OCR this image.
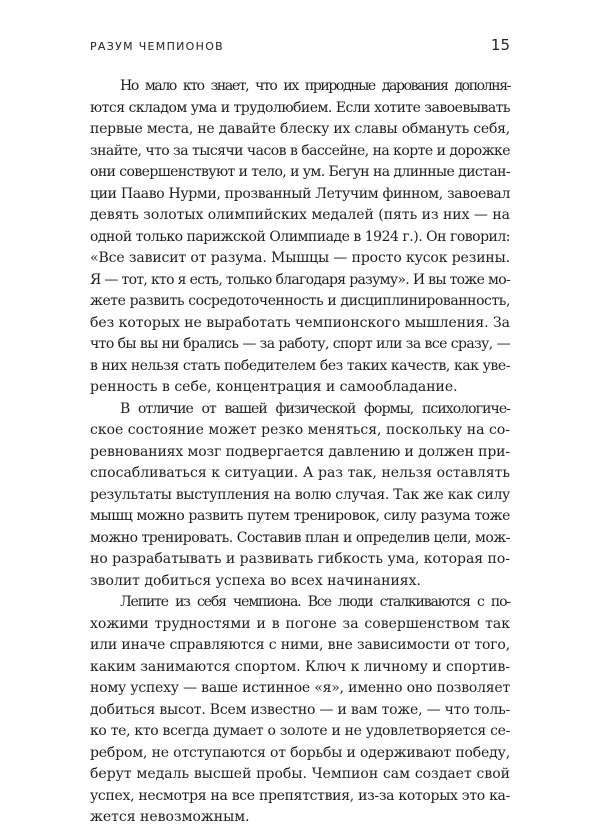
РАЗУМ ЧЕМПИОНОВ	15

Но мало кто знает, что их природные дарования дополня-
ются складом ума и трудолюбием. Если хотите завоевывать
первые места, не давайте блеску их славы обмануть себя,
знайте, что за тысячи часов в бассейне, на корте и дорожке
они совершенствуют и тело, и ум. Бегун на длинные дистан-
ции Пааво Нурми, прозванный Летучим финном, завоевал
девять золотых олимпийских медалей (пять из них — на
одной только парижской Олимпиаде в 1924 г.). Он говорил:
«Все зависит от разума. Мышцы — просто кусок резины.
Я — тот, кто я есть, только благодаря разуму». И вы тоже мо-
жете развить сосредоточенность и дисциплинированность,
без которых не выработать чемпионского мышления. За
что бы вы ни брались — за работу, спорт или за все сразу, —
в них нельзя стать победителем без таких качеств, как уве-
ренность в себе, концентрация и самообладание.

В отличие от вашей физической формы, психологиче-
ское состояние может резко меняться, поскольку на со-
ревнованиях мозг подвергается давлению и должен при-
спосабливаться к ситуации. А раз так, нельзя оставлять
результаты выступления на волю случая. Так же как силу
мышц можно развить путем тренировок, силу разума тоже
можно тренировать. Составив план и определив цели, мож-
но разрабатывать и развивать гибкость ума, которая по-
зволит добиться успеха во всех начинаниях.

Лепите из себя чемпиона. Все люди сталкиваются с по-
хожими трудностями и в погоне за совершенством так
или иначе справляются с ними, вне зависимости от того,
каким занимаются спортом. Ключ к личному и спортив-
ному успеху — ваше истинное «я», именно оно позволяет
добиться высот. Всем известно — и вам тоже, — что толь-
ко те, кто всегда думает о золоте и не удовлетворяется се-
ребром, не отступаются от борьбы и одерживают победу,
берут медаль высшей пробы. Чемпион сам создает свой
успех, несмотря на все препятствия, из-за которых это ка-
жется невозможным.
